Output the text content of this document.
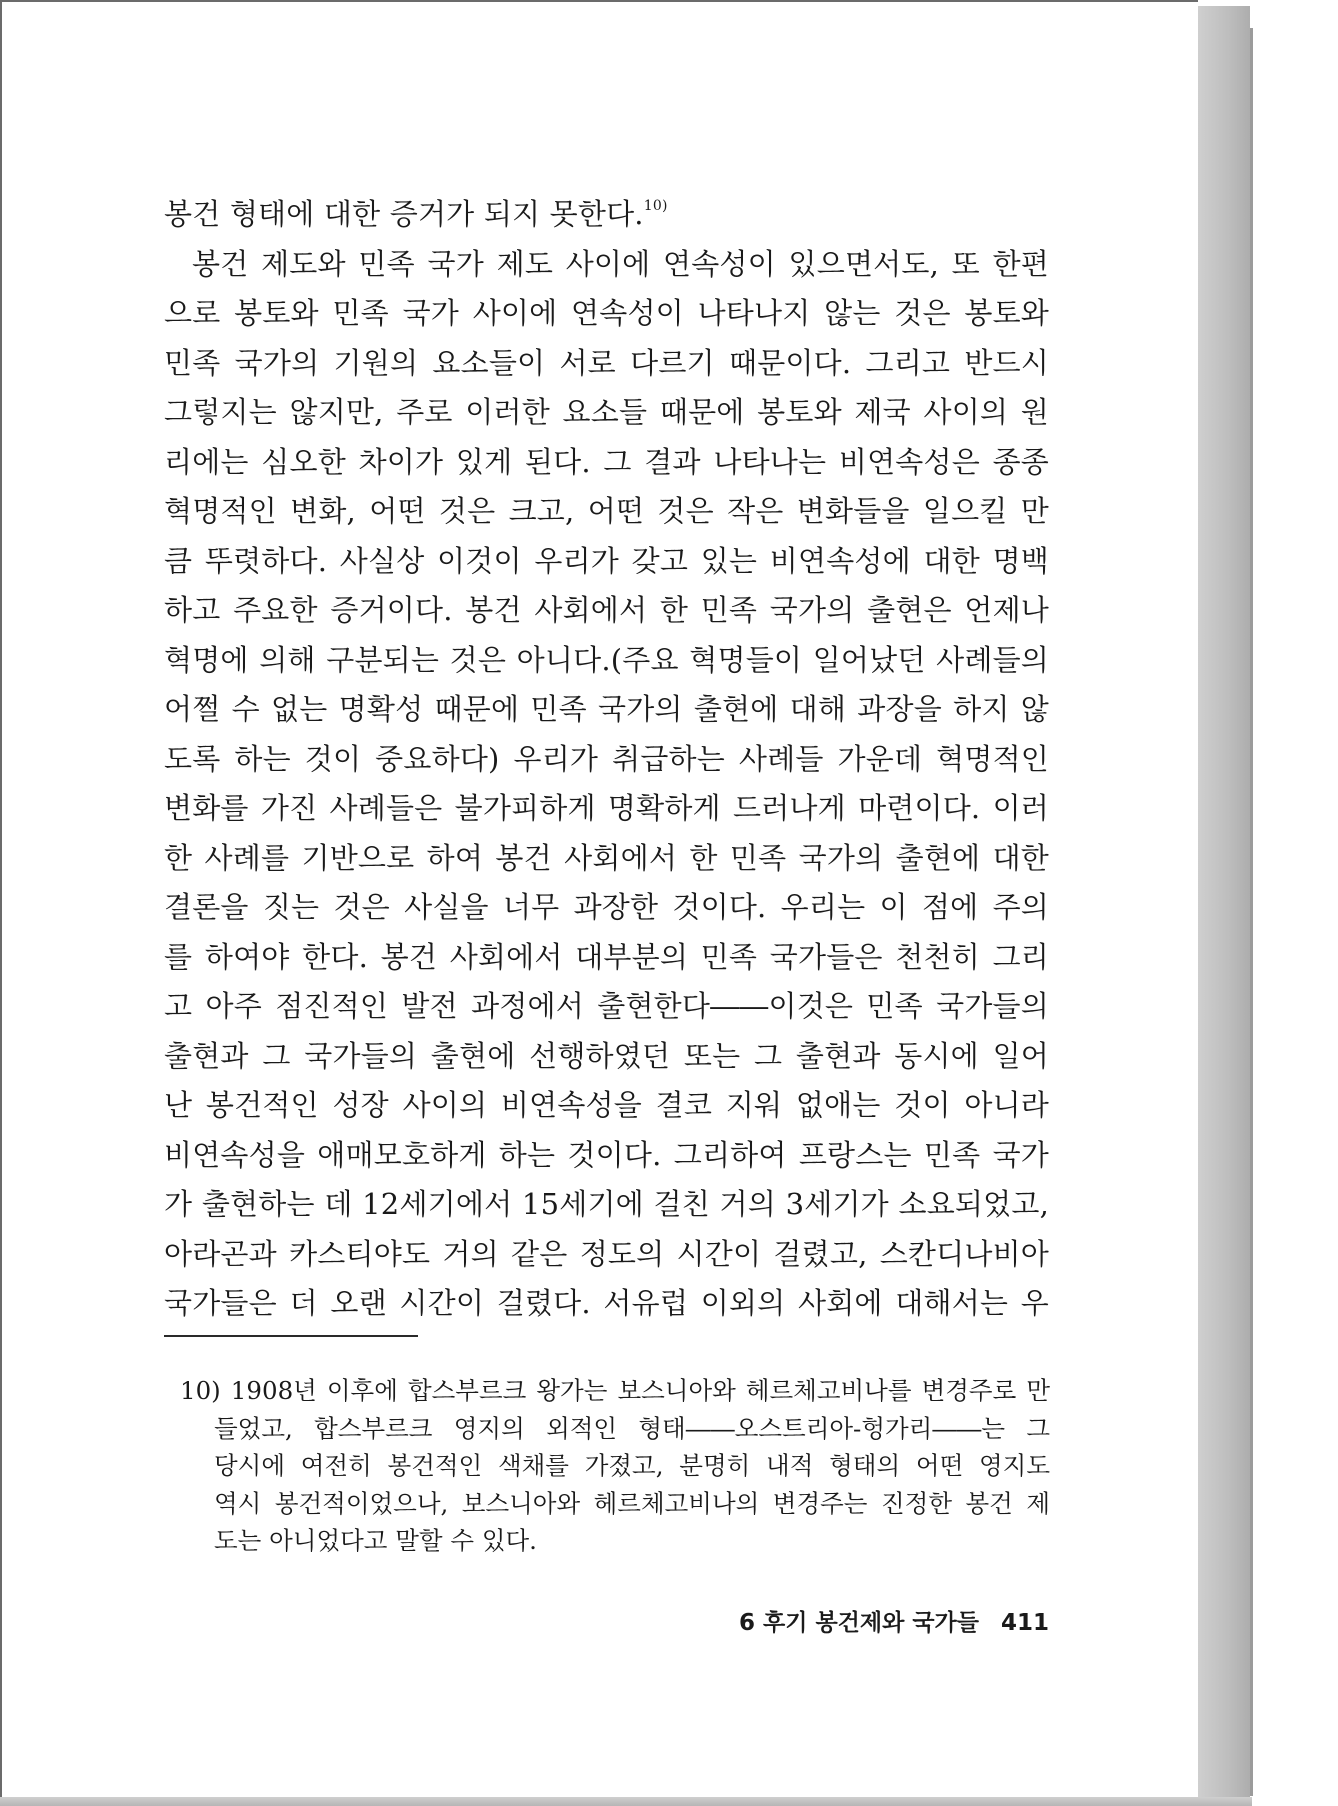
봉건 형태에 대한 증거가 되지 못한다.$^{10)}$
봉건 제도와 민족 국가 제도 사이에 연속성이 있으면서도, 또 한편
으로 봉토와 민족 국가 사이에 연속성이 나타나지 않는 것은 봉토와
민족 국가의 기원의 요소들이 서로 다르기 때문이다. 그리고 반드시
그렇지는 않지만, 주로 이러한 요소들 때문에 봉토와 제국 사이의 원
리에는 심오한 차이가 있게 된다. 그 결과 나타나는 비연속성은 종종
혁명적인 변화, 어떤 것은 크고, 어떤 것은 작은 변화들을 일으킬 만
큼 뚜렷하다. 사실상 이것이 우리가 갖고 있는 비연속성에 대한 명백
하고 주요한 증거이다. 봉건 사회에서 한 민족 국가의 출현은 언제나
혁명에 의해 구분되는 것은 아니다.(주요 혁명들이 일어났던 사례들의
어쩔 수 없는 명확성 때문에 민족 국가의 출현에 대해 과장을 하지 않
도록 하는 것이 중요하다) 우리가 취급하는 사례들 가운데 혁명적인
변화를 가진 사례들은 불가피하게 명확하게 드러나게 마련이다. 이러
한 사례를 기반으로 하여 봉건 사회에서 한 민족 국가의 출현에 대한
결론을 짓는 것은 사실을 너무 과장한 것이다. 우리는 이 점에 주의
를 하여야 한다. 봉건 사회에서 대부분의 민족 국가들은 천천히 그리
고 아주 점진적인 발전 과정에서 출현한다――이것은 민족 국가들의
출현과 그 국가들의 출현에 선행하였던 또는 그 출현과 동시에 일어
난 봉건적인 성장 사이의 비연속성을 결코 지워 없애는 것이 아니라
비연속성을 애매모호하게 하는 것이다. 그리하여 프랑스는 민족 국가
가 출현하는 데 12세기에서 15세기에 걸친 거의 3세기가 소요되었고,
아라곤과 카스티야도 거의 같은 정도의 시간이 걸렸고, 스칸디나비아
국가들은 더 오랜 시간이 걸렸다. 서유럽 이외의 사회에 대해서는 우
10) 1908년 이후에 합스부르크 왕가는 보스니아와 헤르체고비나를 변경주로 만
들었고, 합스부르크 영지의 외적인 형태――오스트리아-헝가리――는 그
당시에 여전히 봉건적인 색채를 가졌고, 분명히 내적 형태의 어떤 영지도
역시 봉건적이었으나, 보스니아와 헤르체고비나의 변경주는 진정한 봉건 제
도는 아니었다고 말할 수 있다.
6 후기 봉건제와 국가들 411
